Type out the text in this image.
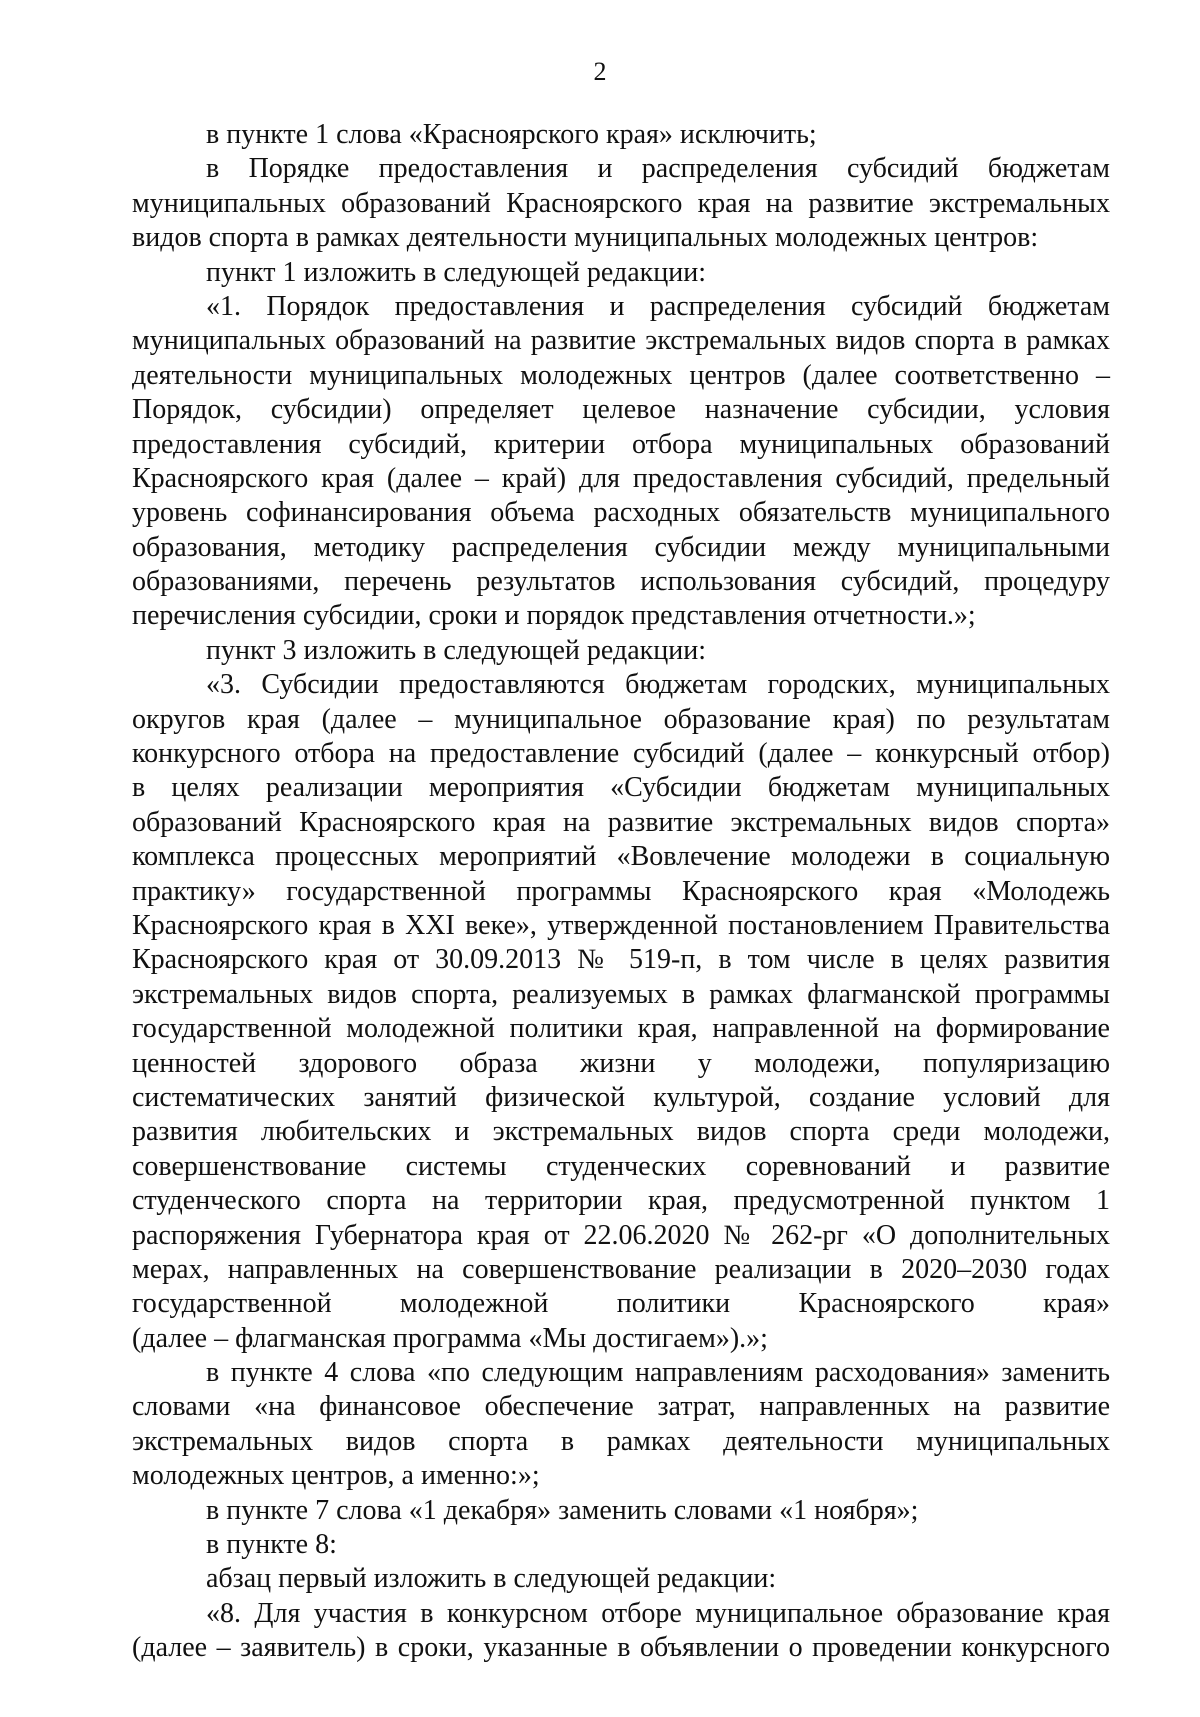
2
в пункте 1 слова «Красноярского края» исключить;
в Порядке предоставления и распределения субсидий бюджетам
муниципальных образований Красноярского края на развитие экстремальных
видов спорта в рамках деятельности муниципальных молодежных центров:
пункт 1 изложить в следующей редакции:
«1. Порядок предоставления и распределения субсидий бюджетам
муниципальных образований на развитие экстремальных видов спорта в рамках
деятельности муниципальных молодежных центров (далее соответственно –
Порядок, субсидии) определяет целевое назначение субсидии, условия
предоставления субсидий, критерии отбора муниципальных образований
Красноярского края (далее – край) для предоставления субсидий, предельный
уровень софинансирования объема расходных обязательств муниципального
образования, методику распределения субсидии между муниципальными
образованиями, перечень результатов использования субсидий, процедуру
перечисления субсидии, сроки и порядок представления отчетности.»;
пункт 3 изложить в следующей редакции:
«3. Субсидии предоставляются бюджетам городских, муниципальных
округов края (далее – муниципальное образование края) по результатам
конкурсного отбора на предоставление субсидий (далее – конкурсный отбор)
в целях реализации мероприятия «Субсидии бюджетам муниципальных
образований Красноярского края на развитие экстремальных видов спорта»
комплекса процессных мероприятий «Вовлечение молодежи в социальную
практику» государственной программы Красноярского края «Молодежь
Красноярского края в XXI веке», утвержденной постановлением Правительства
Красноярского края от 30.09.2013 № 519-п, в том числе в целях развития
экстремальных видов спорта, реализуемых в рамках флагманской программы
государственной молодежной политики края, направленной на формирование
ценностей здорового образа жизни у молодежи, популяризацию
систематических занятий физической культурой, создание условий для
развития любительских и экстремальных видов спорта среди молодежи,
совершенствование системы студенческих соревнований и развитие
студенческого спорта на территории края, предусмотренной пунктом 1
распоряжения Губернатора края от 22.06.2020 № 262-рг «О дополнительных
мерах, направленных на совершенствование реализации в 2020–2030 годах
государственной молодежной политики Красноярского края»
(далее – флагманская программа «Мы достигаем»).»;
в пункте 4 слова «по следующим направлениям расходования» заменить
словами «на финансовое обеспечение затрат, направленных на развитие
экстремальных видов спорта в рамках деятельности муниципальных
молодежных центров, а именно:»;
в пункте 7 слова «1 декабря» заменить словами «1 ноября»;
в пункте 8:
абзац первый изложить в следующей редакции:
«8. Для участия в конкурсном отборе муниципальное образование края
(далее – заявитель) в сроки, указанные в объявлении о проведении конкурсного
